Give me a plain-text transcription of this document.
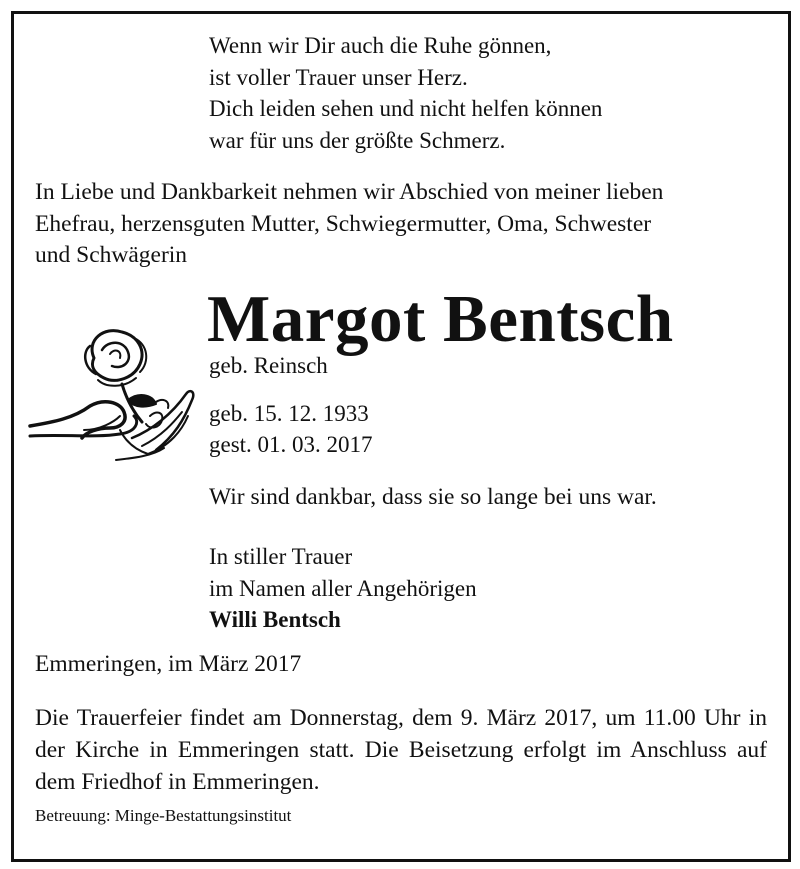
Wenn wir Dir auch die Ruhe gönnen,
ist voller Trauer unser Herz.
Dich leiden sehen und nicht helfen können
war für uns der größte Schmerz.
In Liebe und Dankbarkeit nehmen wir Abschied von meiner lieben
Ehefrau, herzensguten Mutter, Schwiegermutter, Oma, Schwester
und Schwägerin
Margot Bentsch
geb. Reinsch
geb. 15. 12. 1933
gest. 01. 03. 2017
Wir sind dankbar, dass sie so lange bei uns war.
In stiller Trauer
im Namen aller Angehörigen
Willi Bentsch
Emmeringen, im März 2017
Die Trauerfeier findet am Donnerstag, dem 9. März 2017, um 11.00 Uhr in der Kirche in Emmeringen statt. Die Beisetzung erfolgt im Anschluss auf dem Friedhof in Emmeringen.
Betreuung: Minge-Bestattungsinstitut
